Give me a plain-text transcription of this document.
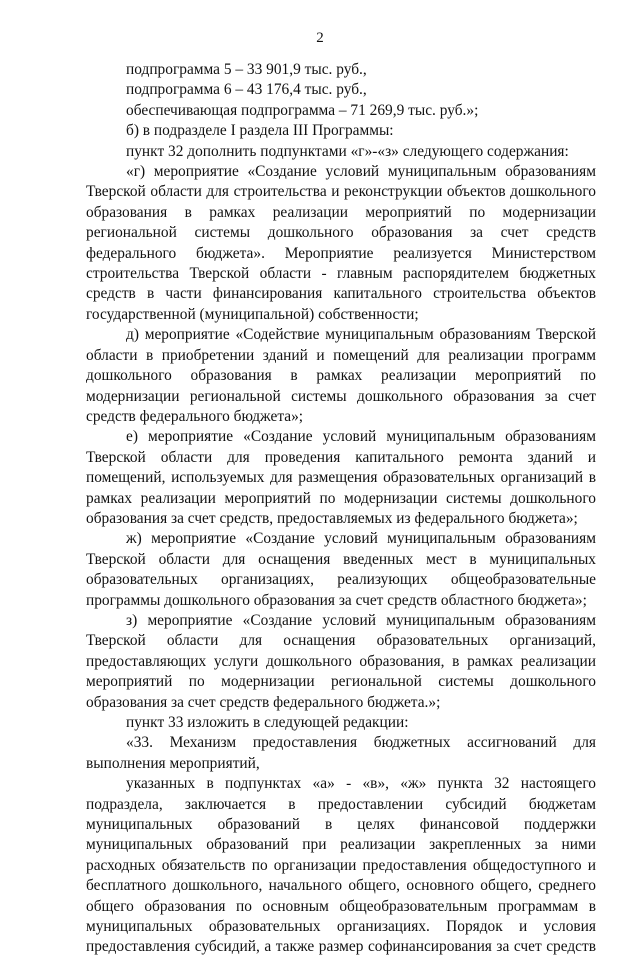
2
подпрограмма 5 – 33 901,9 тыс. руб.,
подпрограмма 6 – 43 176,4 тыс. руб.,
обеспечивающая подпрограмма – 71 269,9 тыс. руб.»;
б) в подразделе I раздела III Программы:
пункт 32 дополнить подпунктами «г»-«з» следующего содержания:
«г) мероприятие «Создание условий муниципальным образованиям
Тверской области для строительства и реконструкции объектов дошкольного
образования в рамках реализации мероприятий по модернизации
региональной системы дошкольного образования за счет средств
федерального бюджета». Мероприятие реализуется Министерством
строительства Тверской области - главным распорядителем бюджетных
средств в части финансирования капитального строительства объектов
государственной (муниципальной) собственности;
д) мероприятие «Содействие муниципальным образованиям Тверской
области в приобретении зданий и помещений для реализации программ
дошкольного образования в рамках реализации мероприятий по
модернизации региональной системы дошкольного образования за счет
средств федерального бюджета»;
е) мероприятие «Создание условий муниципальным образованиям
Тверской области для проведения капитального ремонта зданий и
помещений, используемых для размещения образовательных организаций в
рамках реализации мероприятий по модернизации системы дошкольного
образования за счет средств, предоставляемых из федерального бюджета»;
ж) мероприятие «Создание условий муниципальным образованиям
Тверской области для оснащения введенных мест в муниципальных
образовательных организациях, реализующих общеобразовательные
программы дошкольного образования за счет средств областного бюджета»;
з) мероприятие «Создание условий муниципальным образованиям
Тверской области для оснащения образовательных организаций,
предоставляющих услуги дошкольного образования, в рамках реализации
мероприятий по модернизации региональной системы дошкольного
образования за счет средств федерального бюджета.»;
пункт 33 изложить в следующей редакции:
«33. Механизм предоставления бюджетных ассигнований для
выполнения мероприятий,
указанных в подпунктах «а» - «в», «ж» пункта 32 настоящего
подраздела, заключается в предоставлении субсидий бюджетам
муниципальных образований в целях финансовой поддержки
муниципальных образований при реализации закрепленных за ними
расходных обязательств по организации предоставления общедоступного и
бесплатного дошкольного, начального общего, основного общего, среднего
общего образования по основным общеобразовательным программам в
муниципальных образовательных организациях. Порядок и условия
предоставления субсидий, а также размер софинансирования за счет средств
